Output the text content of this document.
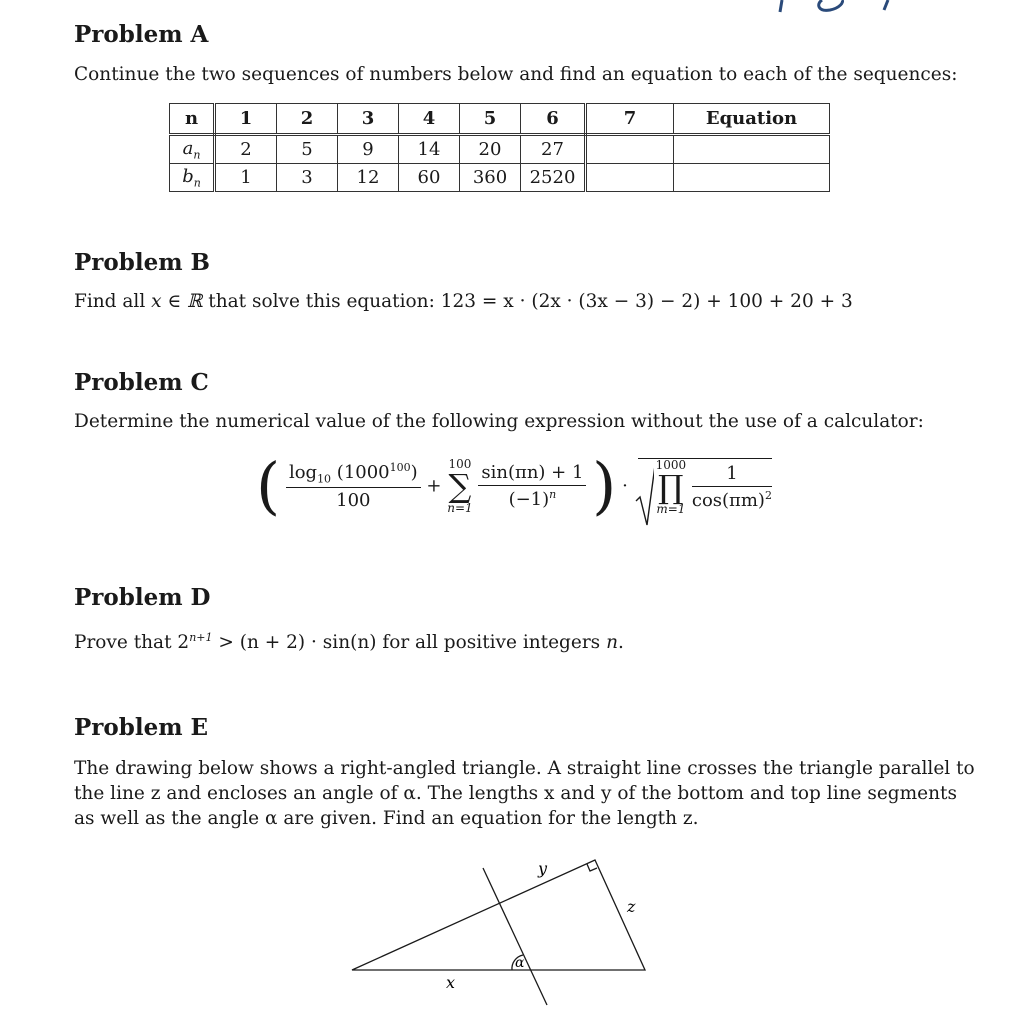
Problem A
Continue the two sequences of numbers below and find an equation to each of the sequences:
n	1	2	3	4	5	6	7	Equation
$a_n$	2	5	9	14	20	27		
$b_n$	1	3	12	60	360	2520		
Problem B
Find all x ∈ ℝ that solve this equation: 123 = x · (2x · (3x − 3) − 2) + 100 + 20 + 3
Problem C
Determine the numerical value of the following expression without the use of a calculator:
( $\frac{\log_{10} (1000^{100})}{100}$ +
100
∑
n=1
$\frac{\sin(\pi n) + 1}{(-1)^n}$ ) ·
1000
∏
m=1
$\frac{1}{\cos(\pi m)^2}$
Problem D
Prove that $2^{n+1} > (n + 2) \cdot \sin(n)$ for all positive integers n.
Problem E
The drawing below shows a right-angled triangle. A straight line crosses the triangle parallel to
the line z and encloses an angle of α. The lengths x and y of the bottom and top line segments
as well as the angle α are given. Find an equation for the length z.
x
y
z
α
